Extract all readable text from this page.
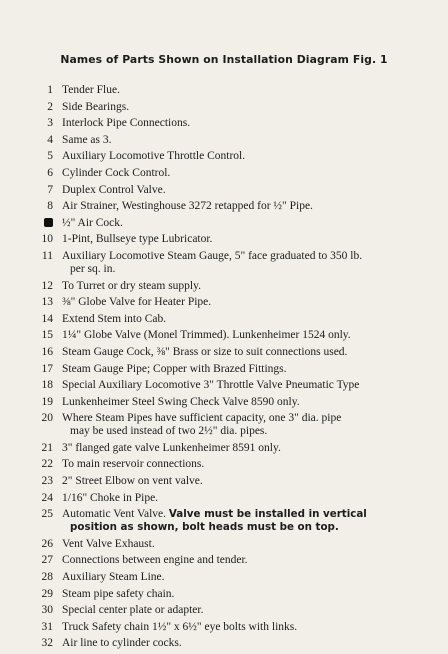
Names of Parts Shown on Installation Diagram Fig. 1
1 Tender Flue.
2 Side Bearings.
3 Interlock Pipe Connections.
4 Same as 3.
5 Auxiliary Locomotive Throttle Control.
6 Cylinder Cock Control.
7 Duplex Control Valve.
8 Air Strainer, Westinghouse 3272 retapped for ½" Pipe.
½" Air Cock.
10 1-Pint, Bullseye type Lubricator.
11 Auxiliary Locomotive Steam Gauge, 5" face graduated to 350 lb.
per sq. in.
12 To Turret or dry steam supply.
13 ⅜" Globe Valve for Heater Pipe.
14 Extend Stem into Cab.
15 1¼" Globe Valve (Monel Trimmed). Lunkenheimer 1524 only.
16 Steam Gauge Cock, ⅜" Brass or size to suit connections used.
17 Steam Gauge Pipe; Copper with Brazed Fittings.
18 Special Auxiliary Locomotive 3" Throttle Valve Pneumatic Type
19 Lunkenheimer Steel Swing Check Valve 8590 only.
20 Where Steam Pipes have sufficient capacity, one 3" dia. pipe
may be used instead of two 2½" dia. pipes.
21 3" flanged gate valve Lunkenheimer 8591 only.
22 To main reservoir connections.
23 2" Street Elbow on vent valve.
24 1/16" Choke in Pipe.
25 Automatic Vent Valve. Valve must be installed in vertical
position as shown, bolt heads must be on top.
26 Vent Valve Exhaust.
27 Connections between engine and tender.
28 Auxiliary Steam Line.
29 Steam pipe safety chain.
30 Special center plate or adapter.
31 Truck Safety chain 1½" x 6½" eye bolts with links.
32 Air line to cylinder cocks.
